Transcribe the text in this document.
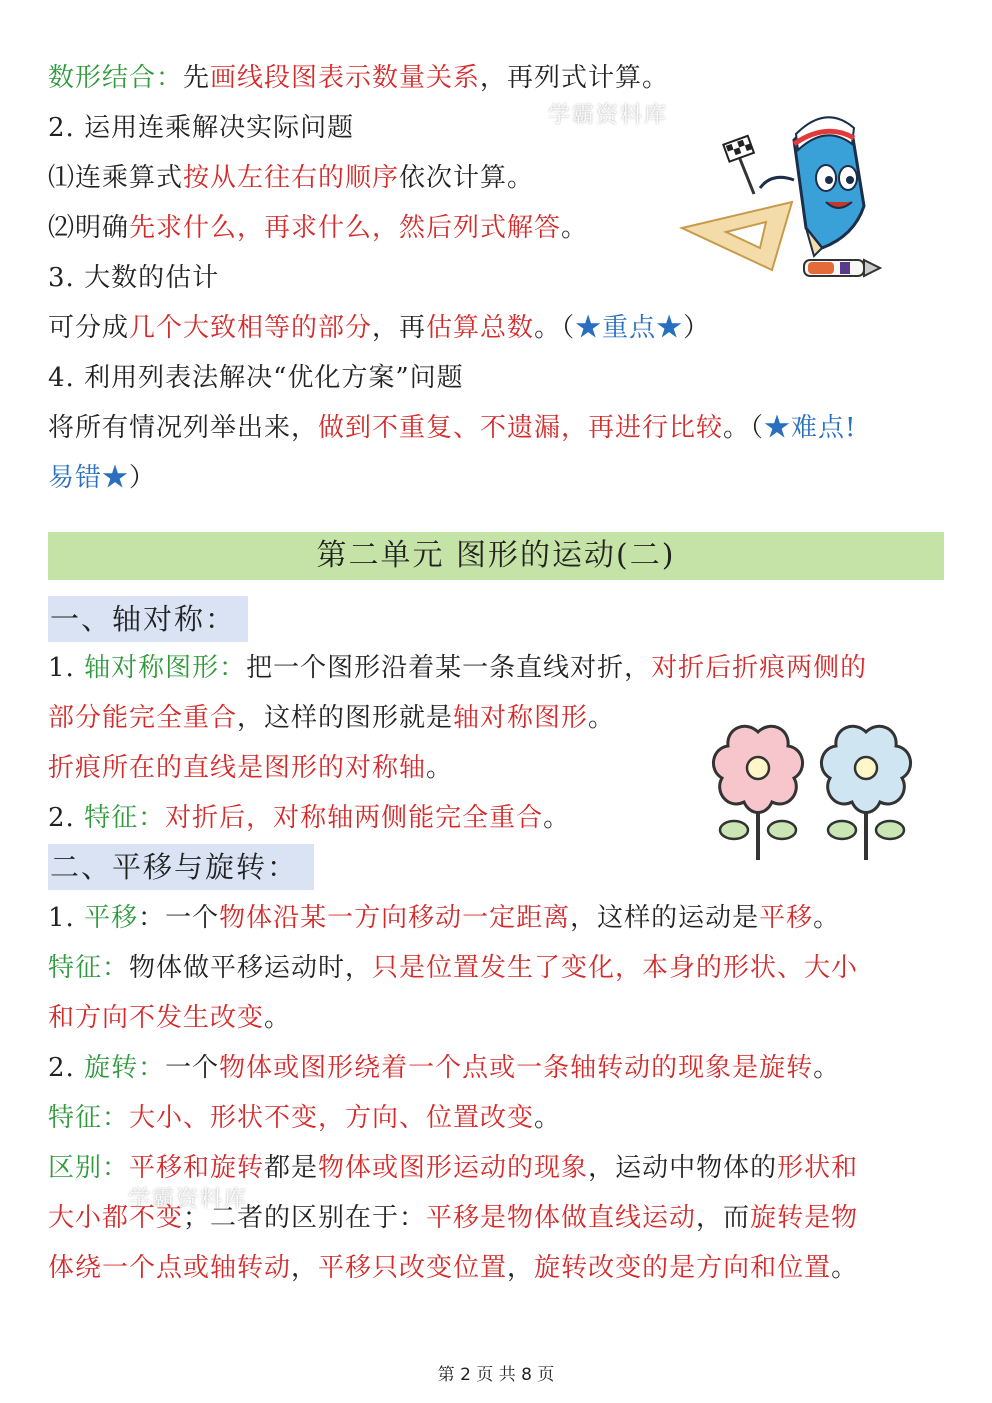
数形结合：先画线段图表示数量关系，再列式计算。
学霸资料库
2. 运用连乘解决实际问题
⑴连乘算式按从左往右的顺序依次计算。
⑵明确先求什么，再求什么，然后列式解答。
3. 大数的估计
可分成几个大致相等的部分，再估算总数。（★重点★）
4. 利用列表法解决“优化方案”问题
将所有情况列举出来，做到不重复、不遗漏，再进行比较。（★难点!
易错★）
第二单元 图形的运动(二)
一、轴对称：
1. 轴对称图形：把一个图形沿着某一条直线对折，对折后折痕两侧的
部分能完全重合，这样的图形就是轴对称图形。
折痕所在的直线是图形的对称轴。
2. 特征：对折后，对称轴两侧能完全重合。
二、平移与旋转：
1. 平移：一个物体沿某一方向移动一定距离，这样的运动是平移。
特征：物体做平移运动时，只是位置发生了变化，本身的形状、大小
和方向不发生改变。
2. 旋转：一个物体或图形绕着一个点或一条轴转动的现象是旋转。
特征：大小、形状不变，方向、位置改变。
区别：平移和旋转都是物体或图形运动的现象，运动中物体的形状和
学霸资料库
大小都不变；二者的区别在于：平移是物体做直线运动，而旋转是物
体绕一个点或轴转动，平移只改变位置，旋转改变的是方向和位置。
第 2 页 共 8 页
